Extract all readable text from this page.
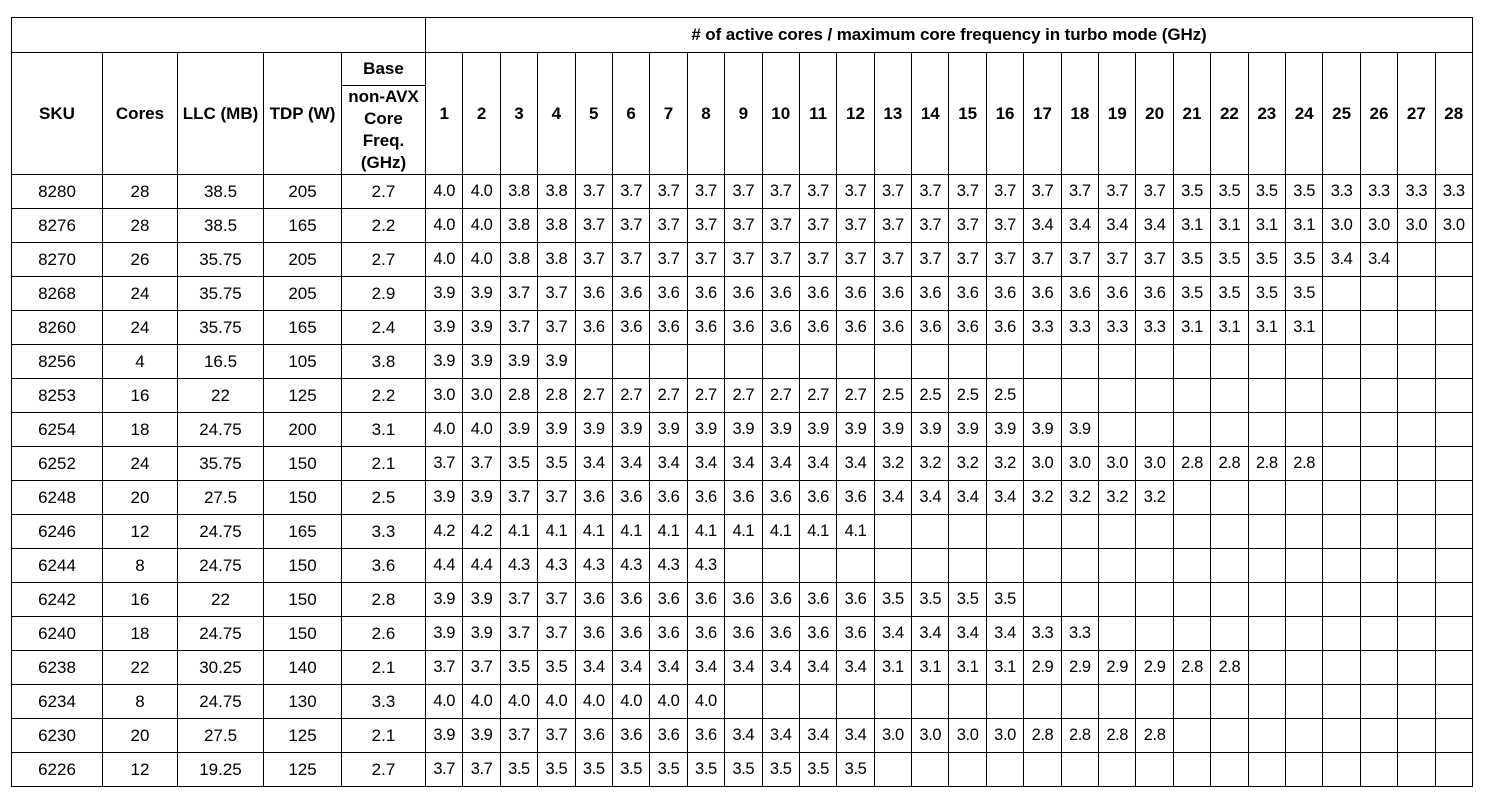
					# of active cores / maximum core frequency in turbo mode (GHz)																											
SKU	Cores	LLC (MB)	TDP (W)	Base	1	2	3	4	5	6	7	8	9	10	11	12	13	14	15	16	17	18	19	20	21	22	23	24	25	26	27	28
				non-AVX Core Freq. (GHz)																												
8280	28	38.5	205	2.7	4.0	4.0	3.8	3.8	3.7	3.7	3.7	3.7	3.7	3.7	3.7	3.7	3.7	3.7	3.7	3.7	3.7	3.7	3.7	3.7	3.5	3.5	3.5	3.5	3.3	3.3	3.3	3.3
8276	28	38.5	165	2.2	4.0	4.0	3.8	3.8	3.7	3.7	3.7	3.7	3.7	3.7	3.7	3.7	3.7	3.7	3.7	3.7	3.4	3.4	3.4	3.4	3.1	3.1	3.1	3.1	3.0	3.0	3.0	3.0
8270	26	35.75	205	2.7	4.0	4.0	3.8	3.8	3.7	3.7	3.7	3.7	3.7	3.7	3.7	3.7	3.7	3.7	3.7	3.7	3.7	3.7	3.7	3.7	3.5	3.5	3.5	3.5	3.4	3.4		
8268	24	35.75	205	2.9	3.9	3.9	3.7	3.7	3.6	3.6	3.6	3.6	3.6	3.6	3.6	3.6	3.6	3.6	3.6	3.6	3.6	3.6	3.6	3.6	3.5	3.5	3.5	3.5				
8260	24	35.75	165	2.4	3.9	3.9	3.7	3.7	3.6	3.6	3.6	3.6	3.6	3.6	3.6	3.6	3.6	3.6	3.6	3.6	3.3	3.3	3.3	3.3	3.1	3.1	3.1	3.1				
8256	4	16.5	105	3.8	3.9	3.9	3.9	3.9																								
8253	16	22	125	2.2	3.0	3.0	2.8	2.8	2.7	2.7	2.7	2.7	2.7	2.7	2.7	2.7	2.5	2.5	2.5	2.5												
6254	18	24.75	200	3.1	4.0	4.0	3.9	3.9	3.9	3.9	3.9	3.9	3.9	3.9	3.9	3.9	3.9	3.9	3.9	3.9	3.9	3.9										
6252	24	35.75	150	2.1	3.7	3.7	3.5	3.5	3.4	3.4	3.4	3.4	3.4	3.4	3.4	3.4	3.2	3.2	3.2	3.2	3.0	3.0	3.0	3.0	2.8	2.8	2.8	2.8				
6248	20	27.5	150	2.5	3.9	3.9	3.7	3.7	3.6	3.6	3.6	3.6	3.6	3.6	3.6	3.6	3.4	3.4	3.4	3.4	3.2	3.2	3.2	3.2								
6246	12	24.75	165	3.3	4.2	4.2	4.1	4.1	4.1	4.1	4.1	4.1	4.1	4.1	4.1	4.1																
6244	8	24.75	150	3.6	4.4	4.4	4.3	4.3	4.3	4.3	4.3	4.3																				
6242	16	22	150	2.8	3.9	3.9	3.7	3.7	3.6	3.6	3.6	3.6	3.6	3.6	3.6	3.6	3.5	3.5	3.5	3.5												
6240	18	24.75	150	2.6	3.9	3.9	3.7	3.7	3.6	3.6	3.6	3.6	3.6	3.6	3.6	3.6	3.4	3.4	3.4	3.4	3.3	3.3										
6238	22	30.25	140	2.1	3.7	3.7	3.5	3.5	3.4	3.4	3.4	3.4	3.4	3.4	3.4	3.4	3.1	3.1	3.1	3.1	2.9	2.9	2.9	2.9	2.8	2.8						
6234	8	24.75	130	3.3	4.0	4.0	4.0	4.0	4.0	4.0	4.0	4.0																				
6230	20	27.5	125	2.1	3.9	3.9	3.7	3.7	3.6	3.6	3.6	3.6	3.4	3.4	3.4	3.4	3.0	3.0	3.0	3.0	2.8	2.8	2.8	2.8								
6226	12	19.25	125	2.7	3.7	3.7	3.5	3.5	3.5	3.5	3.5	3.5	3.5	3.5	3.5	3.5																
